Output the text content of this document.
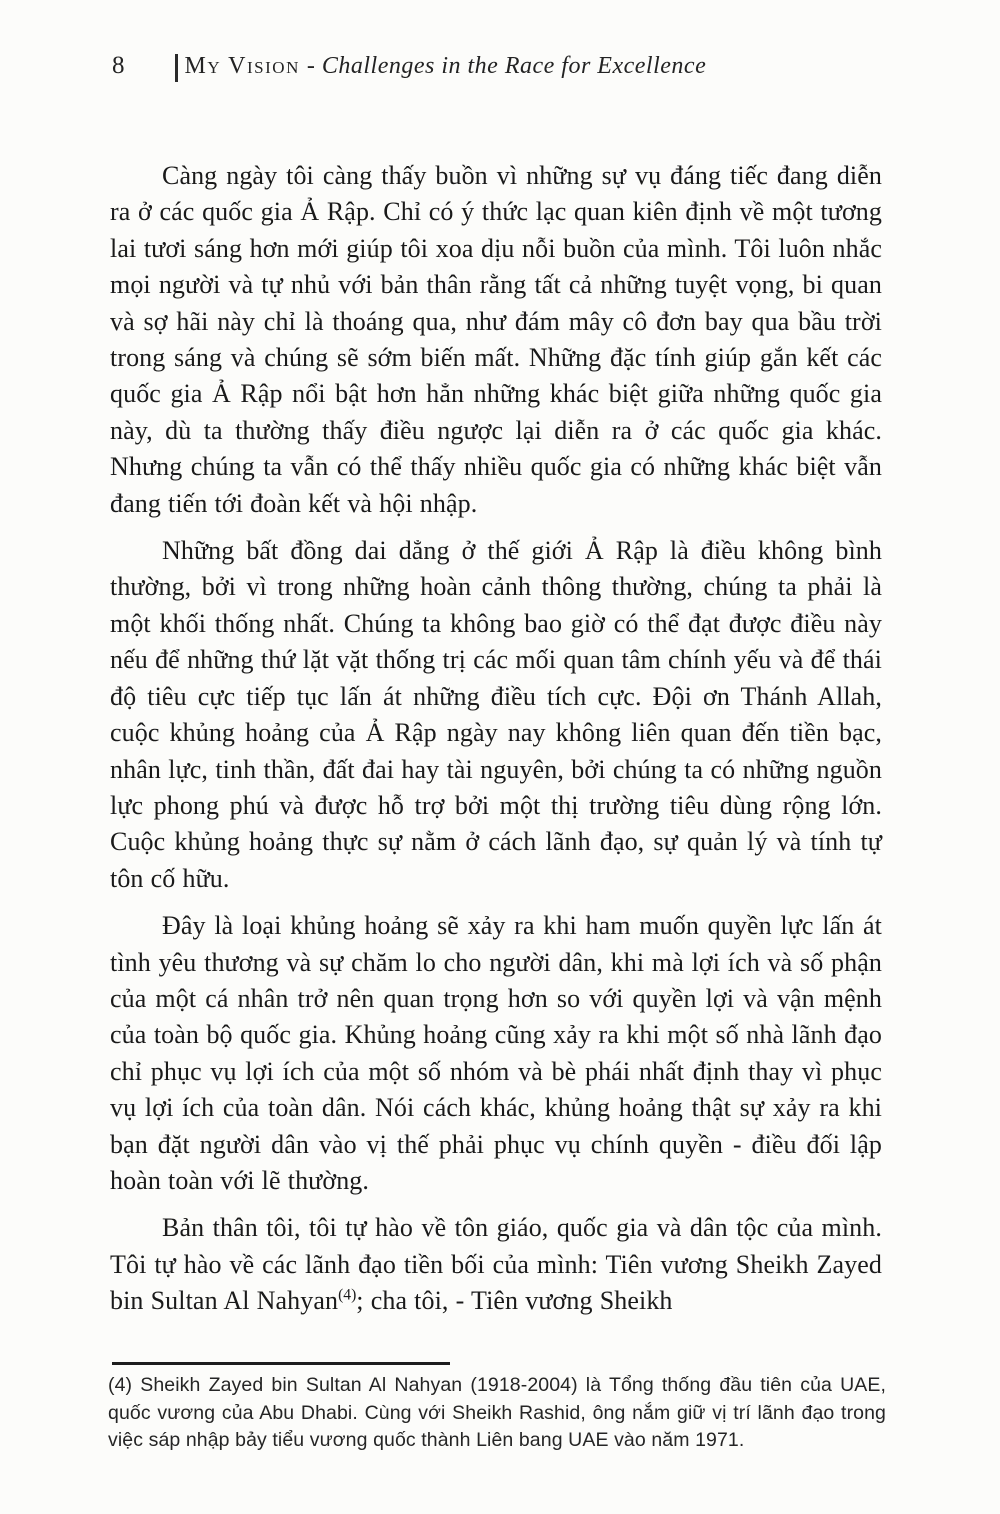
8	My Vision - Challenges in the Race for Excellence

Càng ngày tôi càng thấy buồn vì những sự vụ đáng tiếc đang diễn ra ở các quốc gia Ả Rập. Chỉ có ý thức lạc quan kiên định về một tương lai tươi sáng hơn mới giúp tôi xoa dịu nỗi buồn của mình. Tôi luôn nhắc mọi người và tự nhủ với bản thân rằng tất cả những tuyệt vọng, bi quan và sợ hãi này chỉ là thoáng qua, như đám mây cô đơn bay qua bầu trời trong sáng và chúng sẽ sớm biến mất. Những đặc tính giúp gắn kết các quốc gia Ả Rập nổi bật hơn hẳn những khác biệt giữa những quốc gia này, dù ta thường thấy điều ngược lại diễn ra ở các quốc gia khác. Nhưng chúng ta vẫn có thể thấy nhiều quốc gia có những khác biệt vẫn đang tiến tới đoàn kết và hội nhập.

Những bất đồng dai dẳng ở thế giới Ả Rập là điều không bình thường, bởi vì trong những hoàn cảnh thông thường, chúng ta phải là một khối thống nhất. Chúng ta không bao giờ có thể đạt được điều này nếu để những thứ lặt vặt thống trị các mối quan tâm chính yếu và để thái độ tiêu cực tiếp tục lấn át những điều tích cực. Đội ơn Thánh Allah, cuộc khủng hoảng của Ả Rập ngày nay không liên quan đến tiền bạc, nhân lực, tinh thần, đất đai hay tài nguyên, bởi chúng ta có những nguồn lực phong phú và được hỗ trợ bởi một thị trường tiêu dùng rộng lớn. Cuộc khủng hoảng thực sự nằm ở cách lãnh đạo, sự quản lý và tính tự tôn cố hữu.

Đây là loại khủng hoảng sẽ xảy ra khi ham muốn quyền lực lấn át tình yêu thương và sự chăm lo cho người dân, khi mà lợi ích và số phận của một cá nhân trở nên quan trọng hơn so với quyền lợi và vận mệnh của toàn bộ quốc gia. Khủng hoảng cũng xảy ra khi một số nhà lãnh đạo chỉ phục vụ lợi ích của một số nhóm và bè phái nhất định thay vì phục vụ lợi ích của toàn dân. Nói cách khác, khủng hoảng thật sự xảy ra khi bạn đặt người dân vào vị thế phải phục vụ chính quyền - điều đối lập hoàn toàn với lẽ thường.

Bản thân tôi, tôi tự hào về tôn giáo, quốc gia và dân tộc của mình. Tôi tự hào về các lãnh đạo tiền bối của mình: Tiên vương Sheikh Zayed bin Sultan Al Nahyan$^{(4)}$; cha tôi, - Tiên vương Sheikh

(4) Sheikh Zayed bin Sultan Al Nahyan (1918-2004) là Tổng thống đầu tiên của UAE, quốc vương của Abu Dhabi. Cùng với Sheikh Rashid, ông nắm giữ vị trí lãnh đạo trong việc sáp nhập bảy tiểu vương quốc thành Liên bang UAE vào năm 1971.
